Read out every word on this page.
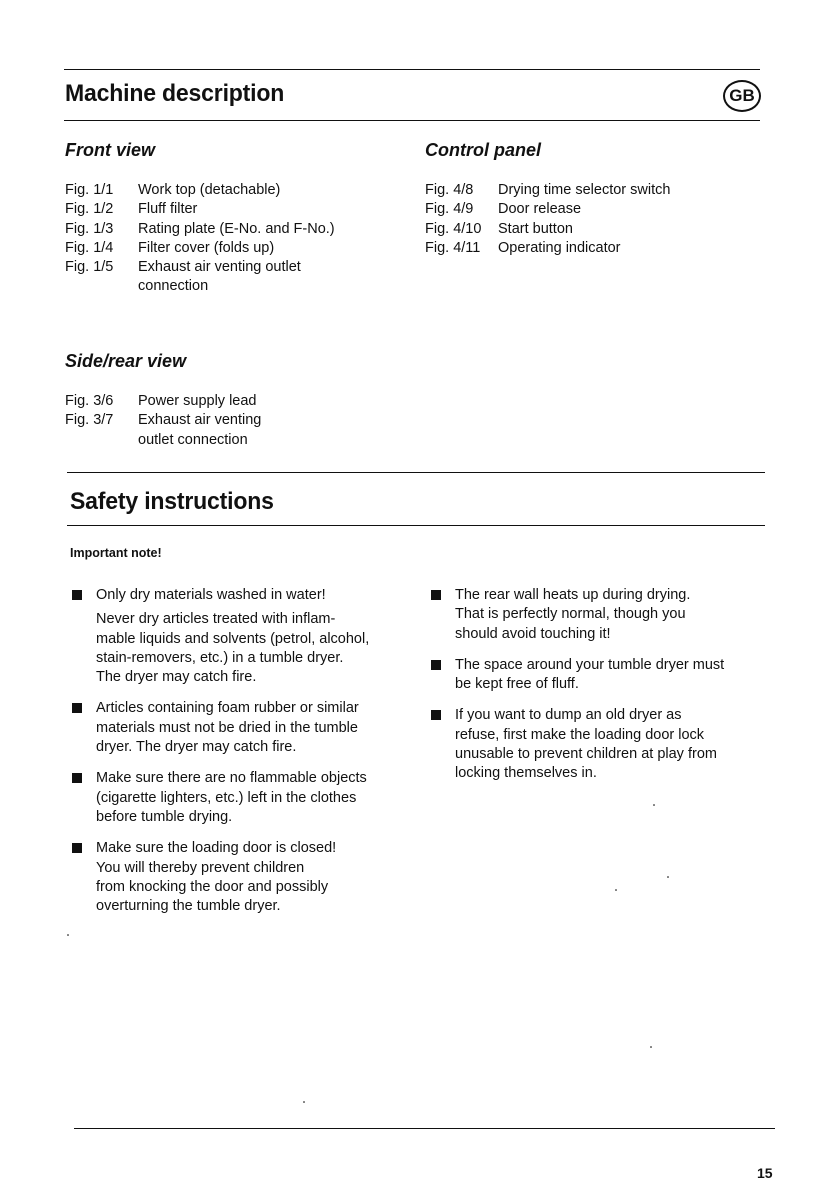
Machine description	GB
Front view
Fig. 1/1	Work top (detachable)
Fig. 1/2	Fluff filter
Fig. 1/3	Rating plate (E-No. and F-No.)
Fig. 1/4	Filter cover (folds up)
Fig. 1/5	Exhaust air venting outlet
connection
Control panel
Fig. 4/8	Drying time selector switch
Fig. 4/9	Door release
Fig. 4/10	Start button
Fig. 4/11	Operating indicator
Side/rear view
Fig. 3/6	Power supply lead
Fig. 3/7	Exhaust air venting
outlet connection
Safety instructions
Important note!

Only dry materials washed in water!

Never dry articles treated with inflam-

mable liquids and solvents (petrol, alcohol,

stain-removers, etc.) in a tumble dryer.

The dryer may catch fire.

Articles containing foam rubber or similar

materials must not be dried in the tumble

dryer. The dryer may catch fire.

Make sure there are no flammable objects

(cigarette lighters, etc.) left in the clothes

before tumble drying.

Make sure the loading door is closed!

You will thereby prevent children

from knocking the door and possibly

overturning the tumble dryer.

The rear wall heats up during drying.

That is perfectly normal, though you

should avoid touching it!

The space around your tumble dryer must

be kept free of fluff.

If you want to dump an old dryer as

refuse, first make the loading door lock

unusable to prevent children at play from

locking themselves in.

15
